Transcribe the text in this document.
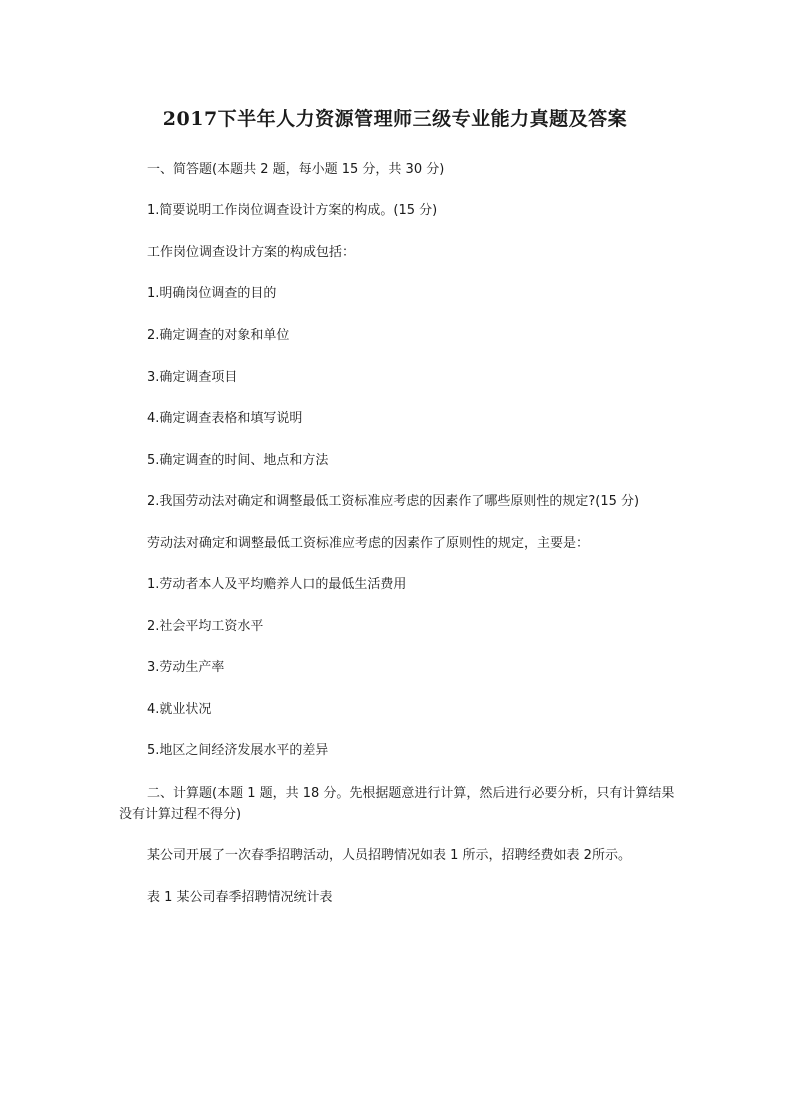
2017下半年人力资源管理师三级专业能力真题及答案

一、简答题(本题共 2 题，每小题 15 分，共 30 分)

1.简要说明工作岗位调查设计方案的构成。(15 分)

工作岗位调查设计方案的构成包括：

1.明确岗位调查的目的

2.确定调查的对象和单位

3.确定调查项目

4.确定调查表格和填写说明

5.确定调查的时间、地点和方法

2.我国劳动法对确定和调整最低工资标准应考虑的因素作了哪些原则性的规定?(15 分)

劳动法对确定和调整最低工资标准应考虑的因素作了原则性的规定，主要是：

1.劳动者本人及平均赡养人口的最低生活费用

2.社会平均工资水平

3.劳动生产率

4.就业状况

5.地区之间经济发展水平的差异

二、计算题(本题 1 题，共 18 分。先根据题意进行计算，然后进行必要分析，只有计算结果没有计算过程不得分)

某公司开展了一次春季招聘活动，人员招聘情况如表 1 所示，招聘经费如表 2所示。

表 1 某公司春季招聘情况统计表
